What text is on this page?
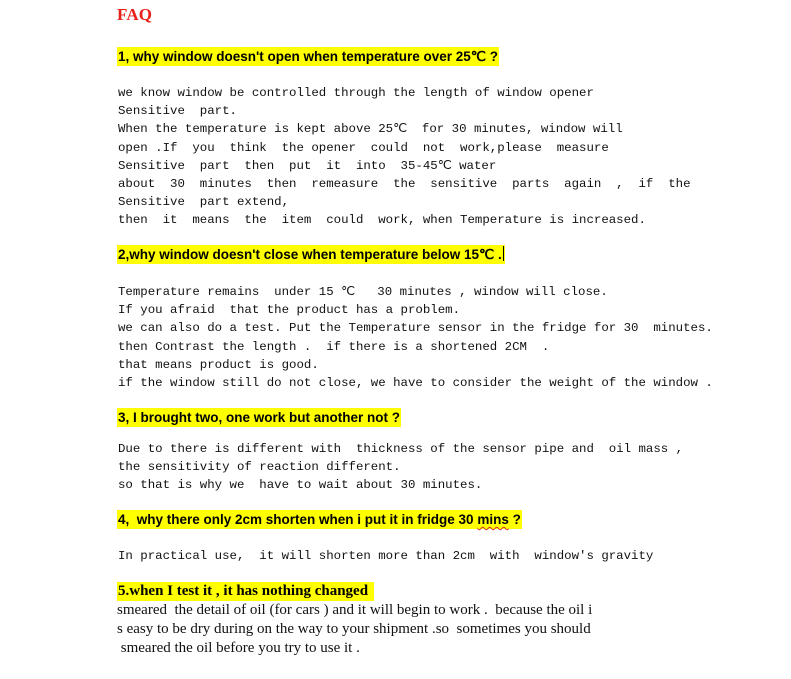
FAQ
1, why window doesn't open when temperature over 25℃ ?
we know window be controlled through the length of window opener
Sensitive  part.
When the temperature is kept above 25℃  for 30 minutes, window will
open .If  you  think  the opener  could  not  work,please  measure
Sensitive  part  then  put  it  into  35-45℃ water
about  30  minutes  then  remeasure  the  sensitive  parts  again  ,  if  the
Sensitive  part extend,
then  it  means  the  item  could  work, when Temperature is increased.
2,why window doesn't close when temperature below 15℃ .
Temperature remains  under 15 ℃   30 minutes , window will close.
If you afraid  that the product has a problem.
we can also do a test. Put the Temperature sensor in the fridge for 30  minutes.
then Contrast the length .  if there is a shortened 2CM  .
that means product is good.
if the window still do not close, we have to consider the weight of the window .
3, I brought two, one work but another not ?
Due to there is different with  thickness of the sensor pipe and  oil mass ,
the sensitivity of reaction different.
so that is why we  have to wait about 30 minutes.
4,  why there only 2cm shorten when i put it in fridge 30 mins ?
In practical use,  it will shorten more than 2cm  with  window's gravity
5.when I test it , it has nothing changed
smeared  the detail of oil (for cars ) and it will begin to work .  because the oil i
s easy to be dry during on the way to your shipment .so  sometimes you should
smeared the oil before you try to use it .
